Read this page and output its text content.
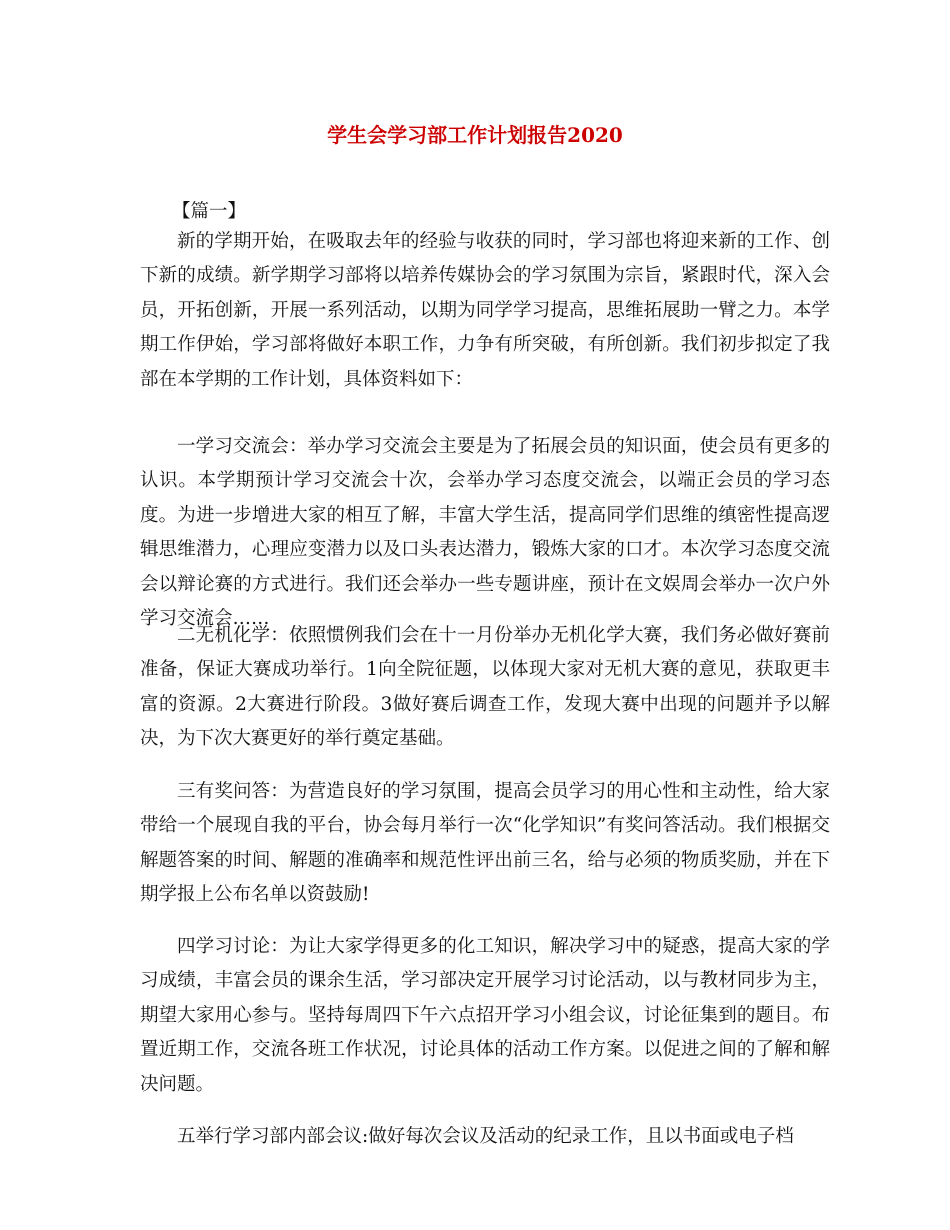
学生会学习部工作计划报告2020
【篇一】

新的学期开始，在吸取去年的经验与收获的同时，学习部也将迎来新的工作、创下新的成绩。新学期学习部将以培养传媒协会的学习氛围为宗旨，紧跟时代，深入会员，开拓创新，开展一系列活动，以期为同学学习提高，思维拓展助一臂之力。本学期工作伊始，学习部将做好本职工作，力争有所突破，有所创新。我们初步拟定了我部在本学期的工作计划，具体资料如下：

一学习交流会：举办学习交流会主要是为了拓展会员的知识面，使会员有更多的认识。本学期预计学习交流会十次，会举办学习态度交流会，以端正会员的学习态度。为进一步增进大家的相互了解，丰富大学生活，提高同学们思维的缜密性提高逻辑思维潜力，心理应变潜力以及口头表达潜力，锻炼大家的口才。本次学习态度交流会以辩论赛的方式进行。我们还会举办一些专题讲座，预计在文娱周会举办一次户外学习交流会……

二无机化学：依照惯例我们会在十一月份举办无机化学大赛，我们务必做好赛前准备，保证大赛成功举行。1向全院征题，以体现大家对无机大赛的意见，获取更丰富的资源。2大赛进行阶段。3做好赛后调查工作，发现大赛中出现的问题并予以解决，为下次大赛更好的举行奠定基础。

三有奖问答：为营造良好的学习氛围，提高会员学习的用心性和主动性，给大家带给一个展现自我的平台，协会每月举行一次“化学知识”有奖问答活动。我们根据交解题答案的时间、解题的准确率和规范性评出前三名，给与必须的物质奖励，并在下期学报上公布名单以资鼓励!

四学习讨论：为让大家学得更多的化工知识，解决学习中的疑惑，提高大家的学习成绩，丰富会员的课余生活，学习部决定开展学习讨论活动，以与教材同步为主，期望大家用心参与。坚持每周四下午六点招开学习小组会议，讨论征集到的题目。布置近期工作，交流各班工作状况，讨论具体的活动工作方案。以促进之间的了解和解决问题。

五举行学习部内部会议:做好每次会议及活动的纪录工作，且以书面或电子档
